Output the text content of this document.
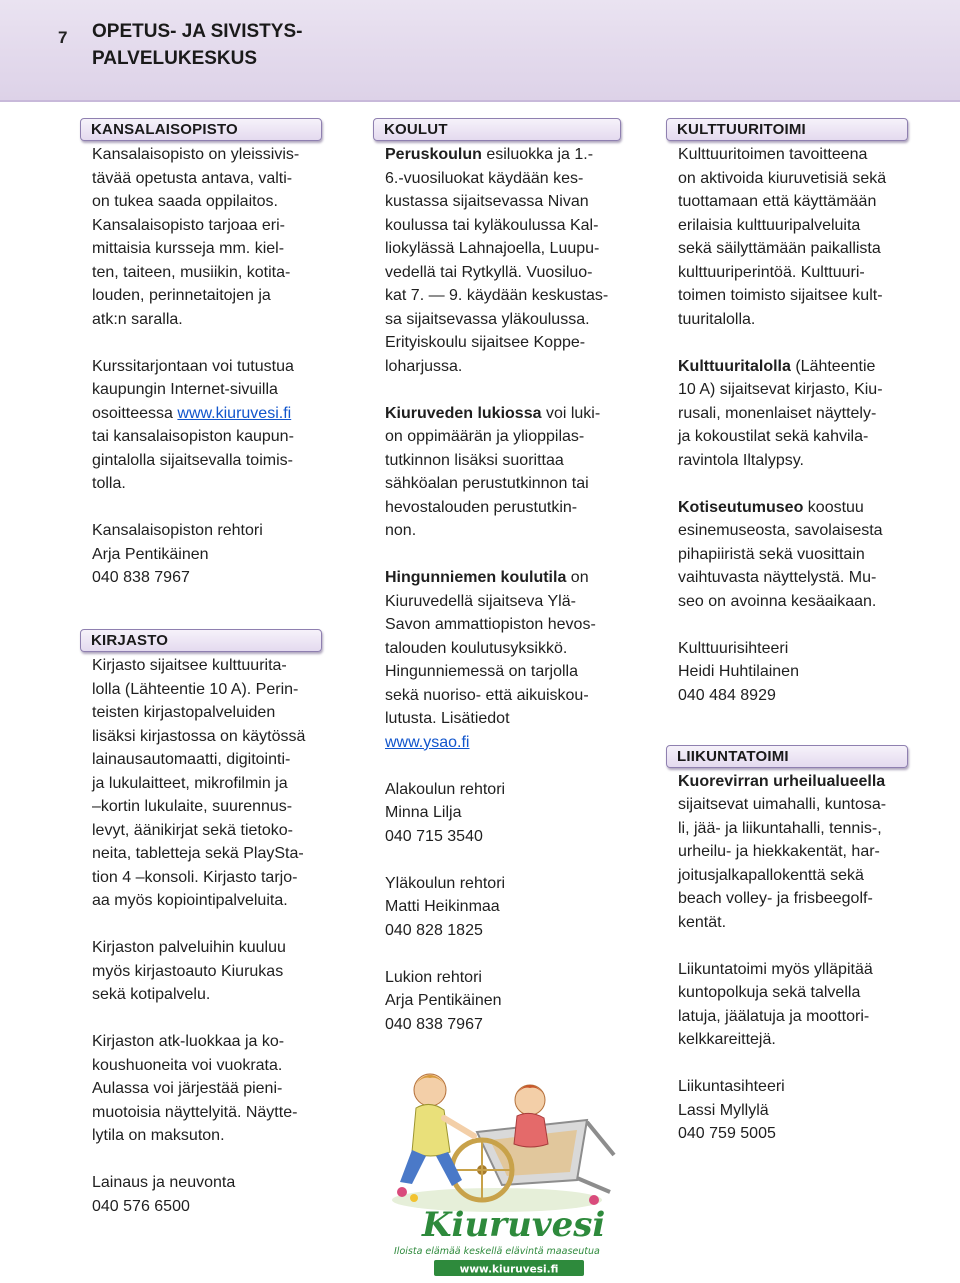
7 OPETUS- JA SIVISTYS-
PALVELUKESKUS
KANSALAISOPISTO

Kansalaisopisto on yleissivis-
tävää opetusta antava, valti-
on tukea saada oppilaitos.
Kansalaisopisto tarjoaa eri-
mittaisia kursseja mm. kiel-
ten, taiteen, musiikin, kotita-
louden, perinnetaitojen ja
atk:n saralla.

Kurssitarjontaan voi tutustua
kaupungin Internet-sivuilla
osoitteessa www.kiuruvesi.fi
tai kansalaisopiston kaupun-
gintalolla sijaitsevalla toimis-
tolla.

Kansalaisopiston rehtori
Arja Pentikäinen
040 838 7967

KIRJASTO

Kirjasto sijaitsee kulttuurita-
lolla (Lähteentie 10 A). Perin-
teisten kirjastopalveluiden
lisäksi kirjastossa on käytössä
lainausautomaatti, digitointi-
ja lukulaitteet, mikrofilmin ja
–kortin lukulaite, suurennus-
levyt, äänikirjat sekä tietoko-
neita, tabletteja sekä PlaySta-
tion 4 –konsoli. Kirjasto tarjo-
aa myös kopiointipalveluita.

Kirjaston palveluihin kuuluu
myös kirjastoauto Kiurukas
sekä kotipalvelu.

Kirjaston atk-luokkaa ja ko-
koushuoneita voi vuokrata.
Aulassa voi järjestää pieni-
muotoisia näyttelyitä. Näytte-
lytila on maksuton.

Lainaus ja neuvonta
040 576 6500

KOULUT

Peruskoulun esiluokka ja 1.-
6.-vuosiluokat käydään kes-
kustassa sijaitsevassa Nivan
koulussa tai kyläkoulussa Kal-
liokylässä Lahnajoella, Luupu-
vedellä tai Rytkyllä. Vuosiluo-
kat 7. — 9. käydään keskustas-
sa sijaitsevassa yläkoulussa.
Erityiskoulu sijaitsee Koppe-
loharjussa.

Kiuruveden lukiossa voi luki-
on oppimäärän ja ylioppilas-
tutkinnon lisäksi suorittaa
sähköalan perustutkinnon tai
hevostalouden perustutkin-
non.

Hingunniemen koulutila on
Kiuruvedellä sijaitseva Ylä-
Savon ammattiopiston hevos-
talouden koulutusyksikkö.
Hingunniemessä on tarjolla
sekä nuoriso- että aikuiskou-
lutusta. Lisätiedot
www.ysao.fi

Alakoulun rehtori
Minna Lilja
040 715 3540

Yläkoulun rehtori
Matti Heikinmaa
040 828 1825

Lukion rehtori
Arja Pentikäinen
040 838 7967

Kiuruvesi
Iloista elämää keskellä elävintä maaseutua
www.kiuruvesi.fi
KULTTUURITOIMI

Kulttuuritoimen tavoitteena
on aktivoida kiuruvetisiä sekä
tuottamaan että käyttämään
erilaisia kulttuuripalveluita
sekä säilyttämään paikallista
kulttuuriperintöä. Kulttuuri-
toimen toimisto sijaitsee kult-
tuuritalolla.

Kulttuuritalolla (Lähteentie
10 A) sijaitsevat kirjasto, Kiu-
rusali, monenlaiset näyttely-
ja kokoustilat sekä kahvila-
ravintola Iltalypsy.

Kotiseutumuseo koostuu
esinemuseosta, savolaisesta
pihapiiristä sekä vuosittain
vaihtuvasta näyttelystä. Mu-
seo on avoinna kesäaikaan.

Kulttuurisihteeri
Heidi Huhtilainen
040 484 8929

LIIKUNTATOIMI

Kuorevirran urheilualueella
sijaitsevat uimahalli, kuntosa-
li, jää- ja liikuntahalli, tennis-,
urheilu- ja hiekkakentät, har-
joitusjalkapallokenttä sekä
beach volley- ja frisbeegolf-
kentät.

Liikuntatoimi myös ylläpitää
kuntopolkuja sekä talvella
latuja, jäälatuja ja moottori-
kelkkareittejä.

Liikuntasihteeri
Lassi Myllylä
040 759 5005
